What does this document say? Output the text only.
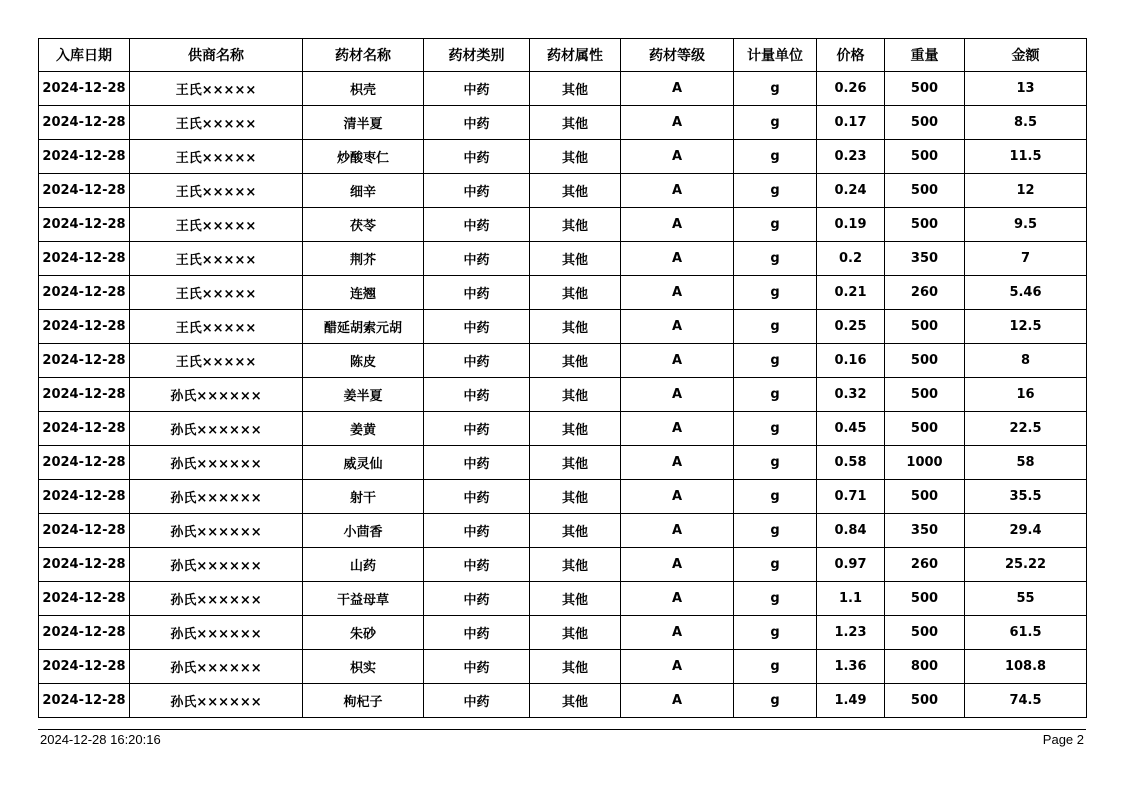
入库日期	供商名称	药材名称	药材类别	药材属性	药材等级	计量单位	价格	重量	金额
2024-12-28	王氏×××××	枳壳	中药	其他	A	g	0.26	500	13
2024-12-28	王氏×××××	清半夏	中药	其他	A	g	0.17	500	8.5
2024-12-28	王氏×××××	炒酸枣仁	中药	其他	A	g	0.23	500	11.5
2024-12-28	王氏×××××	细辛	中药	其他	A	g	0.24	500	12
2024-12-28	王氏×××××	茯苓	中药	其他	A	g	0.19	500	9.5
2024-12-28	王氏×××××	荆芥	中药	其他	A	g	0.2	350	7
2024-12-28	王氏×××××	连翘	中药	其他	A	g	0.21	260	5.46
2024-12-28	王氏×××××	醋延胡索元胡	中药	其他	A	g	0.25	500	12.5
2024-12-28	王氏×××××	陈皮	中药	其他	A	g	0.16	500	8
2024-12-28	孙氏××××××	姜半夏	中药	其他	A	g	0.32	500	16
2024-12-28	孙氏××××××	姜黄	中药	其他	A	g	0.45	500	22.5
2024-12-28	孙氏××××××	威灵仙	中药	其他	A	g	0.58	1000	58
2024-12-28	孙氏××××××	射干	中药	其他	A	g	0.71	500	35.5
2024-12-28	孙氏××××××	小茴香	中药	其他	A	g	0.84	350	29.4
2024-12-28	孙氏××××××	山药	中药	其他	A	g	0.97	260	25.22
2024-12-28	孙氏××××××	干益母草	中药	其他	A	g	1.1	500	55
2024-12-28	孙氏××××××	朱砂	中药	其他	A	g	1.23	500	61.5
2024-12-28	孙氏××××××	枳实	中药	其他	A	g	1.36	800	108.8
2024-12-28	孙氏××××××	枸杞子	中药	其他	A	g	1.49	500	74.5
2024-12-28 16:20:16	Page 2
